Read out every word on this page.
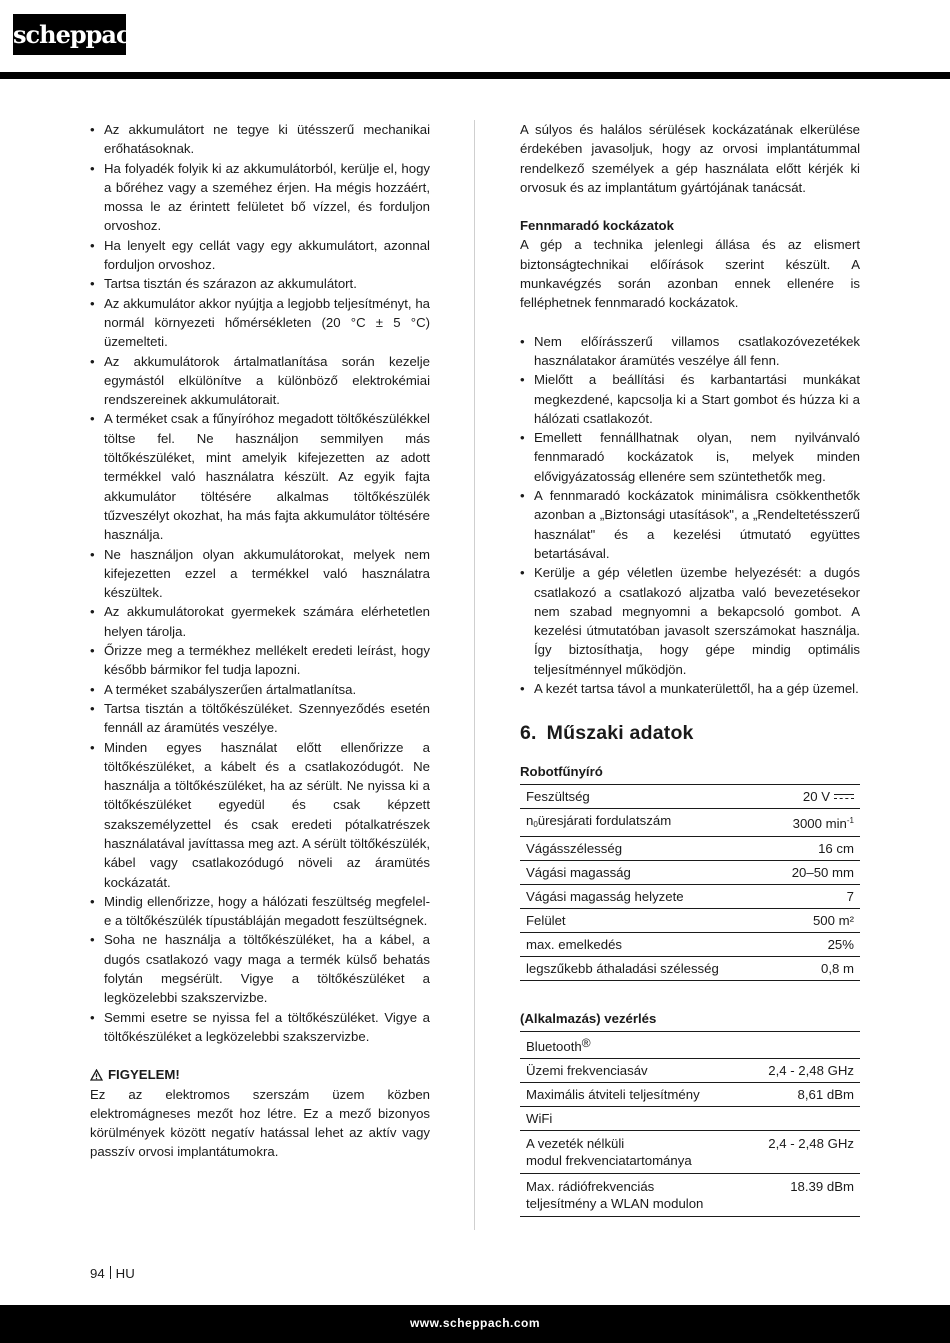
scheppach
• Az akkumulátort ne tegye ki ütésszerű mechanikai erőhatásoknak.
• Ha folyadék folyik ki az akkumulátorból, kerülje el, hogy a bőréhez vagy a szeméhez érjen. Ha mégis hozzáért, mossa le az érintett felületet bő vízzel, és forduljon orvoshoz.
• Ha lenyelt egy cellát vagy egy akkumulátort, azonnal forduljon orvoshoz.
• Tartsa tisztán és szárazon az akkumulátort.
• Az akkumulátor akkor nyújtja a legjobb teljesítményt, ha normál környezeti hőmérsékleten (20 °C ± 5 °C) üzemelteti.
• Az akkumulátorok ártalmatlanítása során kezelje egymástól elkülönítve a különböző elektrokémiai rendszereinek akkumulátorait.
• A terméket csak a fűnyíróhoz megadott töltőkészülékkel töltse fel. Ne használjon semmilyen más töltőkészüléket, mint amelyik kifejezetten az adott termékkel való használatra készült. Az egyik fajta akkumulátor töltésére alkalmas töltőkészülék tűzveszélyt okozhat, ha más fajta akkumulátor töltésére használja.
• Ne használjon olyan akkumulátorokat, melyek nem kifejezetten ezzel a termékkel való használatra készültek.
• Az akkumulátorokat gyermekek számára elérhetetlen helyen tárolja.
• Őrizze meg a termékhez mellékelt eredeti leírást, hogy később bármikor fel tudja lapozni.
• A terméket szabályszerűen ártalmatlanítsa.
• Tartsa tisztán a töltőkészüléket. Szennyeződés esetén fennáll az áramütés veszélye.
• Minden egyes használat előtt ellenőrizze a töltőkészüléket, a kábelt és a csatlakozódugót. Ne használja a töltőkészüléket, ha az sérült. Ne nyissa ki a töltőkészüléket egyedül és csak képzett szakszemélyzettel és csak eredeti pótalkatrészek használatával javíttassa meg azt. A sérült töltőkészülék, kábel vagy csatlakozódugó növeli az áramütés kockázatát.
• Mindig ellenőrizze, hogy a hálózati feszültség megfelel-e a töltőkészülék típustábláján megadott feszültségnek.
• Soha ne használja a töltőkészüléket, ha a kábel, a dugós csatlakozó vagy maga a termék külső behatás folytán megsérült. Vigye a töltőkészüléket a legközelebbi szakszervizbe.
• Semmi esetre se nyissa fel a töltőkészüléket. Vigye a töltőkészüléket a legközelebbi szakszervizbe.
FIGYELEM!

Ez az elektromos szerszám üzem közben elektromágneses mezőt hoz létre. Ez a mező bizonyos körülmények között negatív hatással lehet az aktív vagy passzív orvosi implantátumokra.

A súlyos és halálos sérülések kockázatának elkerülése érdekében javasoljuk, hogy az orvosi implantátummal rendelkező személyek a gép használata előtt kérjék ki orvosuk és az implantátum gyártójának tanácsát.

Fennmaradó kockázatok

A gép a technika jelenlegi állása és az elismert biztonságtechnikai előírások szerint készült. A munkavégzés során azonban ennek ellenére is felléphetnek fennmaradó kockázatok.

• Nem előírásszerű villamos csatlakozóvezetékek használatakor áramütés veszélye áll fenn.
• Mielőtt a beállítási és karbantartási munkákat megkezdené, kapcsolja ki a Start gombot és húzza ki a hálózati csatlakozót.
• Emellett fennállhatnak olyan, nem nyilvánvaló fennmaradó kockázatok is, melyek minden elővigyázatosság ellenére sem szüntethetők meg.
• A fennmaradó kockázatok minimálisra csökkenthetők azonban a „Biztonsági utasítások", a „Rendeltetésszerű használat" és a kezelési útmutató együttes betartásával.
• Kerülje a gép véletlen üzembe helyezését: a dugós csatlakozó a csatlakozó aljzatba való bevezetésekor nem szabad megnyomni a bekapcsoló gombot. A kezelési útmutatóban javasolt szerszámokat használja. Így biztosíthatja, hogy gépe mindig optimális teljesítménnyel működjön.
• A kezét tartsa távol a munkaterülettől, ha a gép üzemel.
6. Műszaki adatok
Robotfűnyíró
Feszültség	20 V
$n_0üresjárati$ fordulatszám	3000 $\min^{-1}$
Vágásszélesség	16 cm
Vágási magasság	20–50 mm
Vágási magasság helyzete	7
Felület	500 m²
max. emelkedés	25%
legszűkebb áthaladási szélesség	0,8 m
(Alkalmazás) vezérlés
Bluetooth®
Üzemi frekvenciasáv	2,4 - 2,48 GHz
Maximális átviteli teljesítmény	8,61 dBm
WiFi	
A vezeték nélküli
modul frekvenciatartománya	2,4 - 2,48 GHz
Max. rádiófrekvenciás
teljesítmény a WLAN modulon	18.39 dBm
94 HU
www.scheppach.com
